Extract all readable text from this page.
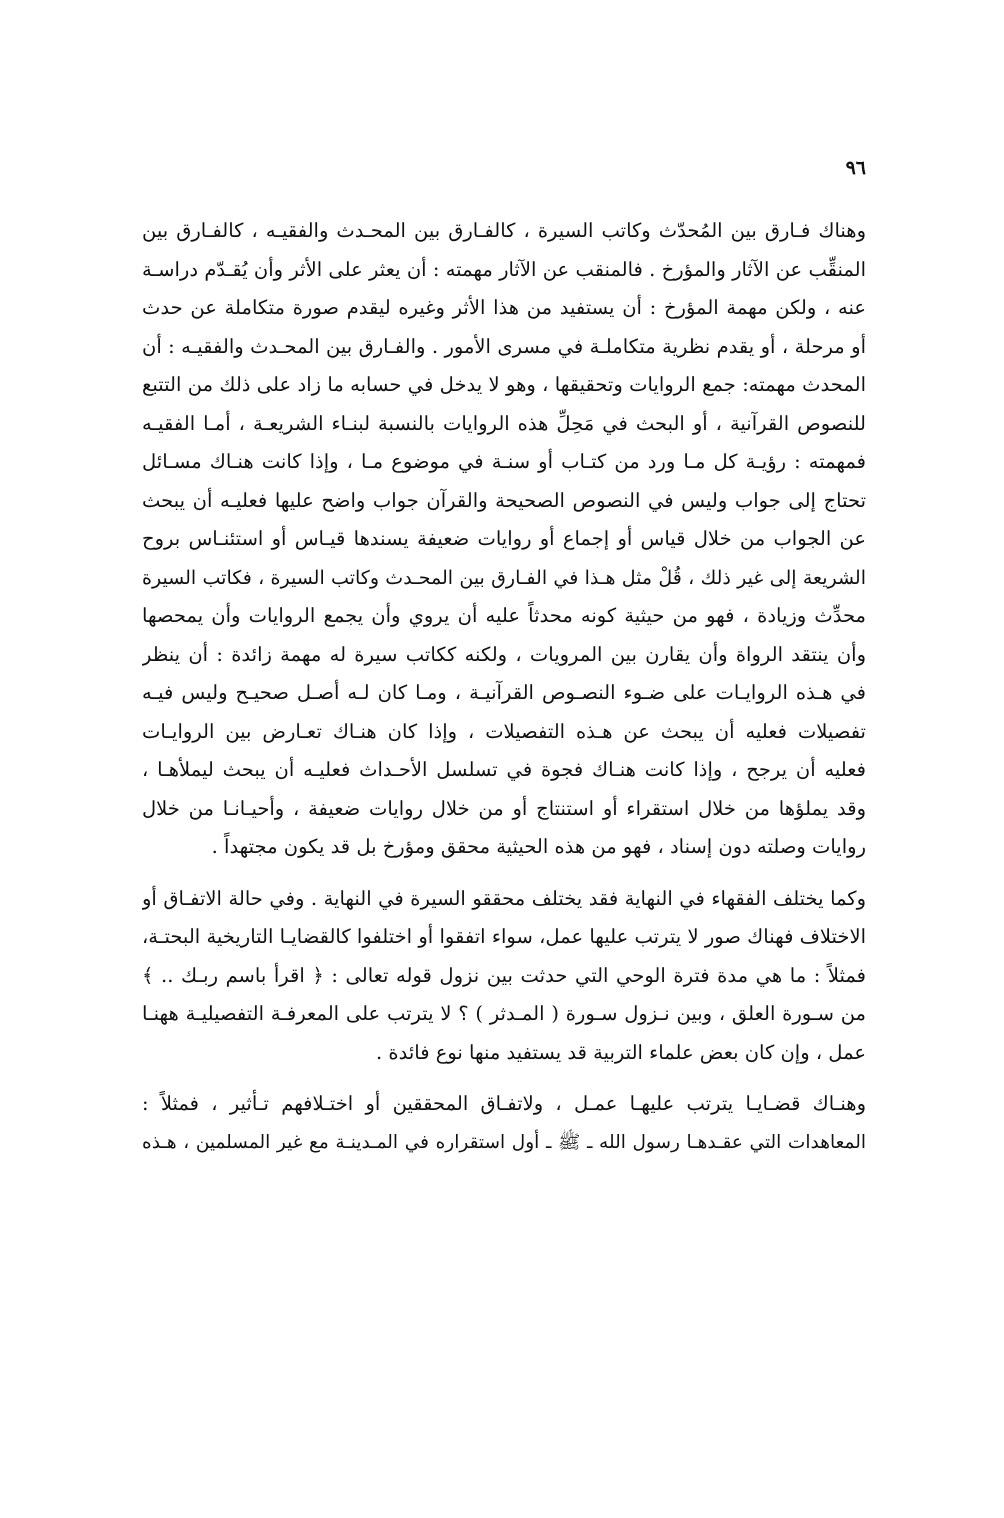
٩٦

وهناك فـارق بين المُحدّث وكاتب السيرة ، كالفـارق بين المحـدث والفقيـه ، كالفـارق بين
المنقِّب عن الآثار والمؤرخ . فالمنقب عن الآثار مهمته : أن يعثر على الأثر وأن يُقـدّم دراسـة
عنه ، ولكن مهمة المؤرخ : أن يستفيد من هذا الأثر وغيره ليقدم صورة متكاملة عن حدث
أو مرحلة ، أو يقدم نظرية متكاملـة في مسرى الأمور . والفـارق بين المحـدث والفقيـه : أن
المحدث مهمته: جمع الروايات وتحقيقها ، وهو لا يدخل في حسابه ما زاد على ذلك من التتبع
للنصوص القرآنية ، أو البحث في مَحِلِّ هذه الروايات بالنسبة لبنـاء الشريعـة ، أمـا الفقيـه
فمهمته : رؤيـة كل مـا ورد من كتـاب أو سنـة في موضوع مـا ، وإذا كانت هنـاك مسـائل
تحتاج إلى جواب وليس في النصوص الصحيحة والقرآن جواب واضح عليها فعليـه أن يبحث
عن الجواب من خلال قياس أو إجماع أو روايات ضعيفة يسندها قيـاس أو استئنـاس بروح
الشريعة إلى غير ذلك ، قُلْ مثل هـذا في الفـارق بين المحـدث وكاتب السيرة ، فكاتب السيرة
محدِّث وزيادة ، فهو من حيثية كونه محدثاً عليه أن يروي وأن يجمع الروايات وأن يمحصها
وأن ينتقد الرواة وأن يقارن بين المرويات ، ولكنه ككاتب سيرة له مهمة زائدة : أن ينظر
في هـذه الروايـات على ضـوء النصـوص القرآنيـة ، ومـا كان لـه أصـل صحيـح وليس فيـه
تفصيلات فعليه أن يبحث عن هـذه التفصيلات ، وإذا كان هنـاك تعـارض بين الروايـات
فعليه أن يرجح ، وإذا كانت هنـاك فجوة في تسلسل الأحـداث فعليـه أن يبحث ليملأهـا ،
وقد يملؤها من خلال استقراء أو استنتاج أو من خلال روايات ضعيفة ، وأحيـانـا من خلال
روايات وصلته دون إسناد ، فهو من هذه الحيثية محقق ومؤرخ بل قد يكون مجتهداً .

وكما يختلف الفقهاء في النهاية فقد يختلف محققو السيرة في النهاية . وفي حالة الاتفـاق أو
الاختلاف فهناك صور لا يترتب عليها عمل، سواء اتفقوا أو اختلفوا كالقضايـا التاريخية البحتـة،
فمثلاً : ما هي مدة فترة الوحي التي حدثت بين نزول قوله تعالى : ﴿ اقرأ باسم ربـك .. ﴾
من سـورة العلق ، وبين نـزول سـورة ( المـدثر ) ؟ لا يترتب على المعرفـة التفصيليـة ههنـا
عمل ، وإن كان بعض علماء التربية قد يستفيد منها نوع فائدة .

وهنـاك قضـايـا يترتب عليهـا عمـل ، ولاتفـاق المحققين أو اختـلافهم تـأثير ، فمثلاً :
المعاهدات التي عقـدهـا رسول الله ـ ﷺ ـ أول استقراره في المـدينـة مع غير المسلمين ، هـذه
